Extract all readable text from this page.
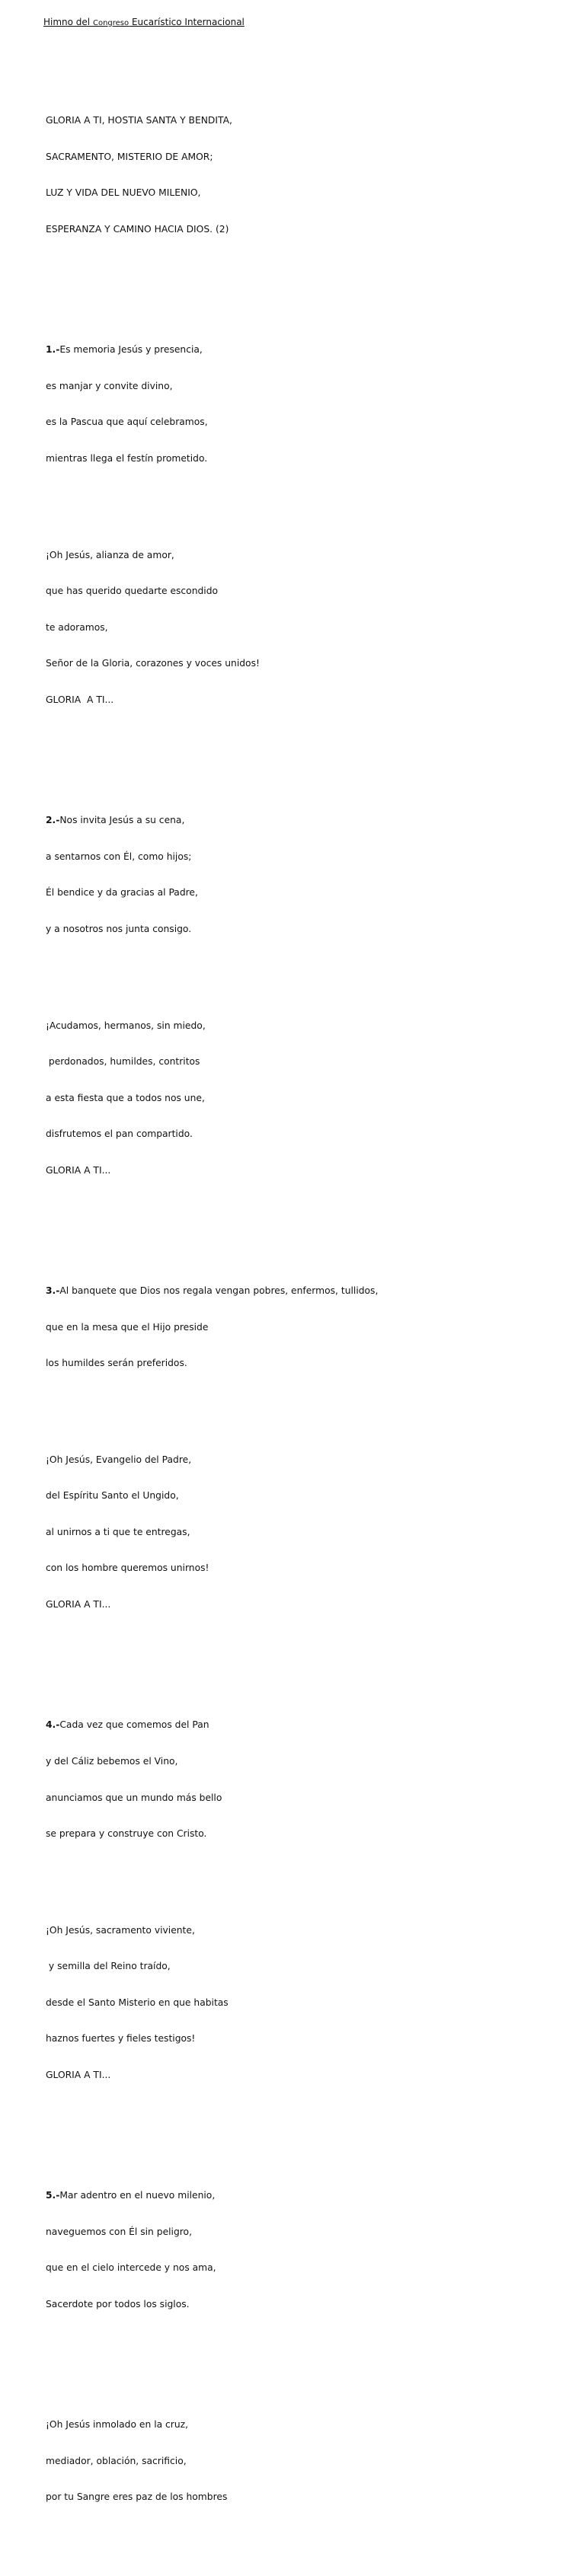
Himno del Congreso Eucarístico Internacional

GLORIA A TI, HOSTIA SANTA Y BENDITA,

SACRAMENTO, MISTERIO DE AMOR;

LUZ Y VIDA DEL NUEVO MILENIO,

ESPERANZA Y CAMINO HACIA DIOS. (2)

1.-Es memoria Jesús y presencia,

es manjar y convite divino,

es la Pascua que aquí celebramos,

mientras llega el festín prometido.

¡Oh Jesús, alianza de amor,

que has querido quedarte escondido

te adoramos,

Señor de la Gloria, corazones y voces unidos!

GLORIA  A TI...

2.-Nos invita Jesús a su cena,

a sentarnos con Él, como hijos;

Él bendice y da gracias al Padre,

y a nosotros nos junta consigo.

¡Acudamos, hermanos, sin miedo,

perdonados, humildes, contritos

a esta fiesta que a todos nos une,

disfrutemos el pan compartido.

GLORIA A TI...

3.-Al banquete que Dios nos regala vengan pobres, enfermos, tullidos,

que en la mesa que el Hijo preside

los humildes serán preferidos.

¡Oh Jesús, Evangelio del Padre,

del Espíritu Santo el Ungido,

al unirnos a ti que te entregas,

con los hombre queremos unirnos!

GLORIA A TI...

4.-Cada vez que comemos del Pan

y del Cáliz bebemos el Vino,

anunciamos que un mundo más bello

se prepara y construye con Cristo.

¡Oh Jesús, sacramento viviente,

y semilla del Reino traído,

desde el Santo Misterio en que habitas

haznos fuertes y fieles testigos!

GLORIA A TI...

5.-Mar adentro en el nuevo milenio,

naveguemos con Él sin peligro,

que en el cielo intercede y nos ama,

Sacerdote por todos los siglos.

¡Oh Jesús inmolado en la cruz,

mediador, oblación, sacrificio,

por tu Sangre eres paz de los hombres
